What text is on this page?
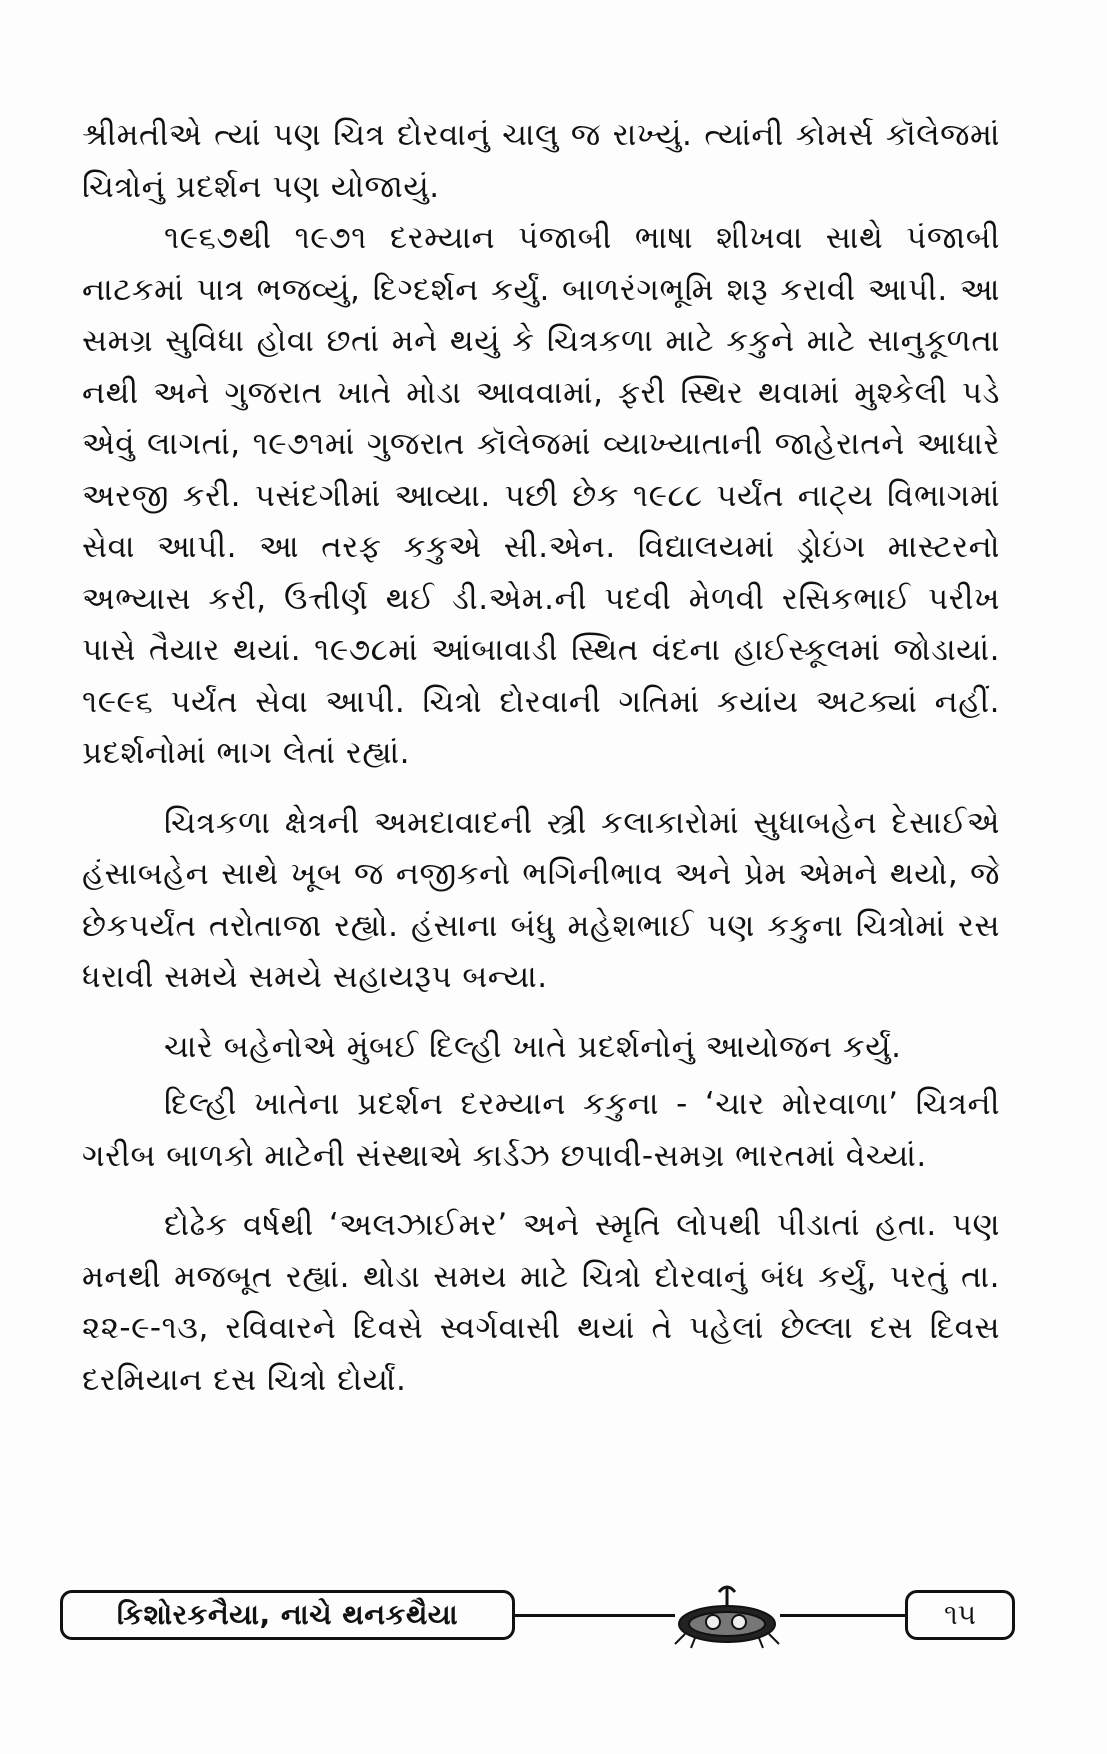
શ્રીમતીએ ત્યાં પણ ચિત્ર દોરવાનું ચાલુ જ રાખ્યું. ત્યાંની કોમર્સ કૉલેજમાં ચિત્રોનું પ્રદર્શન પણ યોજાયું.

૧૯૬૭થી ૧૯૭૧ દરમ્યાન પંજાબી ભાષા શીખવા સાથે પંજાબી નાટકમાં પાત્ર ભજવ્યું, દિગ્દર્શન કર્યું. બાળરંગભૂમિ શરૂ કરાવી આપી. આ સમગ્ર સુવિધા હોવા છતાં મને થયું કે ચિત્રકળા માટે કકુને માટે સાનુકૂળતા નથી અને ગુજરાત ખાતે મોડા આવવામાં, ફરી સ્થિર થવામાં મુશ્કેલી પડે એવું લાગતાં, ૧૯૭૧માં ગુજરાત કૉલેજમાં વ્યાખ્યાતાની જાહેરાતને આધારે અરજી કરી. પસંદગીમાં આવ્યા. પછી છેક ૧૯૮૮ પર્યંત નાટ્ય વિભાગમાં સેવા આપી. આ તરફ કકુએ સી.એન. વિદ્યાલયમાં ડ્રોઇંગ માસ્ટરનો અભ્યાસ કરી, ઉત્તીર્ણ થઈ ડી.એમ.ની પદવી મેળવી રસિકભાઈ પરીખ પાસે તૈયાર થયાં. ૧૯૭૮માં આંબાવાડી સ્થિત વંદના હાઈસ્કૂલમાં જોડાયાં. ૧૯૯૬ પર્યંત સેવા આપી. ચિત્રો દોરવાની ગતિમાં કયાંય અટક્યાં નહીં. પ્રદર્શનોમાં ભાગ લેતાં રહ્યાં.

ચિત્રકળા ક્ષેત્રની અમદાવાદની સ્ત્રી કલાકારોમાં સુધાબહેન દેસાઈએ હંસાબહેન સાથે ખૂબ જ નજીકનો ભગિનીભાવ અને પ્રેમ એમને થયો, જે છેકપર્યંત તરોતાજા રહ્યો. હંસાના બંધુ મહેશભાઈ પણ કકુના ચિત્રોમાં રસ ધરાવી સમયે સમયે સહાયરૂપ બન્યા.

ચારે બહેનોએ મુંબઈ દિલ્હી ખાતે પ્રદર્શનોનું આયોજન કર્યું.

દિલ્હી ખાતેના પ્રદર્શન દરમ્યાન કકુના - ‘ચાર મોરવાળા’ ચિત્રની ગરીબ બાળકો માટેની સંસ્થાએ કાર્ડઝ છપાવી-સમગ્ર ભારતમાં વેચ્યાં.

દોઢેક વર્ષથી ‘અલઝાઈમર’ અને સ્મૃતિ લોપથી પીડાતાં હતા. પણ મનથી મજબૂત રહ્યાં. થોડા સમય માટે ચિત્રો દોરવાનું બંધ કર્યું, પરતું તા. ૨૨-૯-૧૩, રવિવારને દિવસે સ્વર્ગવાસી થયાં તે પહેલાં છેલ્લા દસ દિવસ દરમિયાન દસ ચિત્રો દોર્યાં.

કિશોરકનૈયા, નાચે થનકથૈયા	૧૫
